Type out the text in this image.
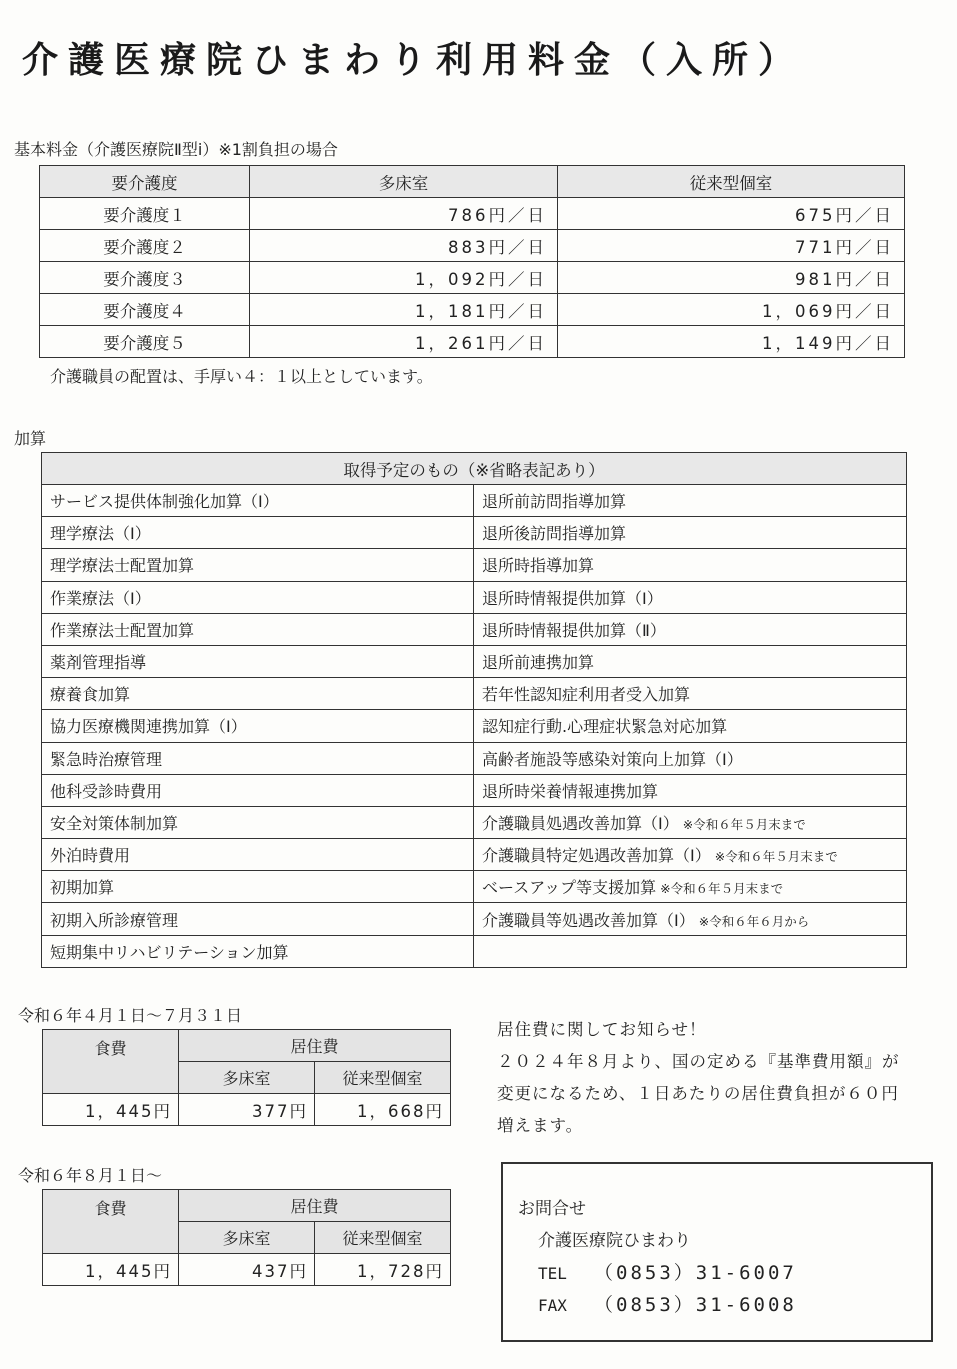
介護医療院ひまわり利用料金（入所）
基本料金（介護医療院Ⅱ型ⅰ）※1割負担の場合
要介護度	多床室	従来型個室
要介護度１	786円／日	675円／日
要介護度２	883円／日	771円／日
要介護度３	1，092円／日	981円／日
要介護度４	1，181円／日	1，069円／日
要介護度５	1，261円／日	1，149円／日
介護職員の配置は、手厚い４：１以上としています。
加算
取得予定のもの（※省略表記あり）	
サービス提供体制強化加算（Ⅰ）	退所前訪問指導加算
理学療法（Ⅰ）	退所後訪問指導加算
理学療法士配置加算	退所時指導加算
作業療法（Ⅰ）	退所時情報提供加算（Ⅰ）
作業療法士配置加算	退所時情報提供加算（Ⅱ）
薬剤管理指導	退所前連携加算
療養食加算	若年性認知症利用者受入加算
協力医療機関連携加算（Ⅰ）	認知症行動.心理症状緊急対応加算
緊急時治療管理	高齢者施設等感染対策向上加算（Ⅰ）
他科受診時費用	退所時栄養情報連携加算
安全対策体制加算	介護職員処遇改善加算（Ⅰ） ※令和６年５月末まで
外泊時費用	介護職員特定処遇改善加算（Ⅰ） ※令和６年５月末まで
初期加算	ベースアップ等支援加算 ※令和６年５月末まで
初期入所診療管理	介護職員等処遇改善加算（Ⅰ） ※令和６年６月から
短期集中リハビリテーション加算	
令和６年４月１日～７月３１日
食費	居住費	
	多床室	従来型個室
1，445円	377円	1，668円
令和６年８月１日～
食費	居住費	
	多床室	従来型個室
1，445円	437円	1，728円
居住費に関してお知らせ！
２０２４年８月より、国の定める『基準費用額』が
変更になるため、１日あたりの居住費負担が６０円
増えます。
お問合せ
介護医療院ひまわり
TEL （0853）31-6007
FAX （0853）31-6008
